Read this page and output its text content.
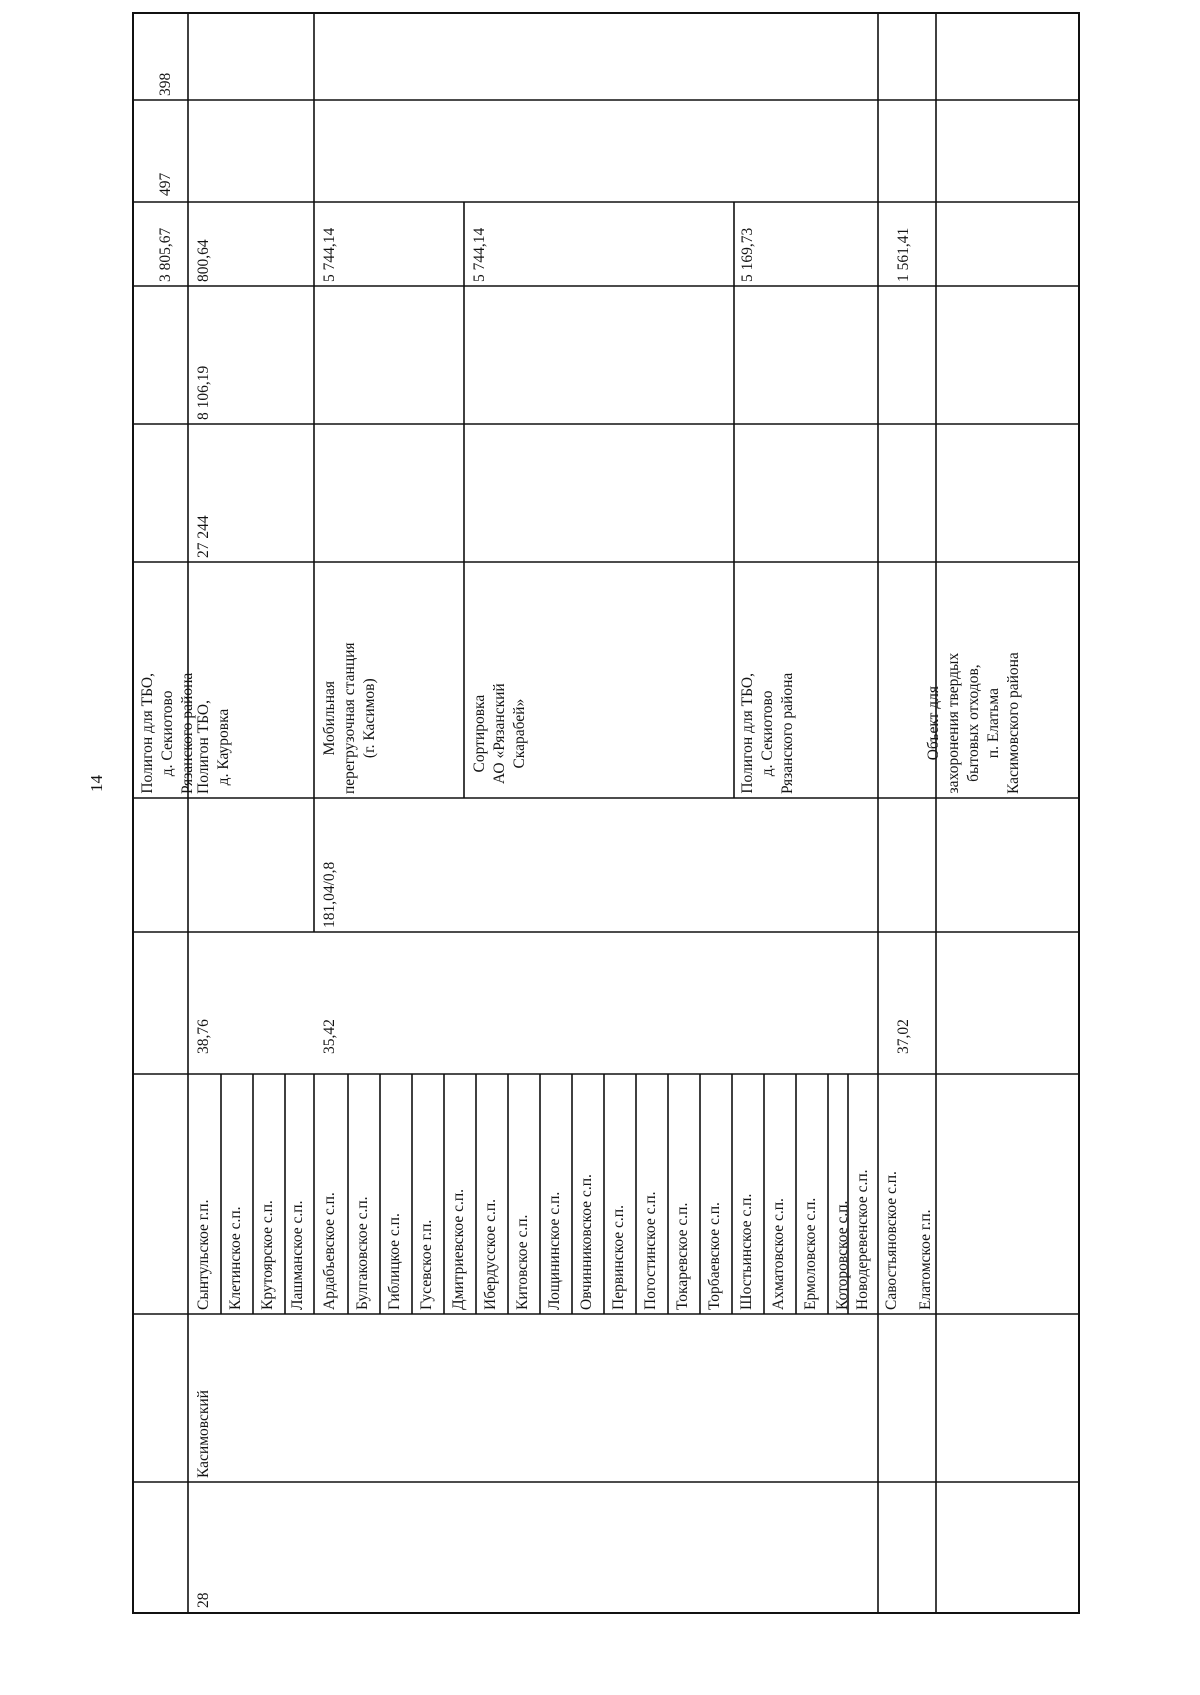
14 Полигон для ТБО, д. Секиотово Рязанского района
3 805,67
497
398
28
Касимовский
Сынтульское г.п. Клетинское с.п. Крутоярское с.п. Лашманское с.п. Ардабьевское с.п. Булгаковское с.п. Гиблицкое с.п. Гусевское г.п. Дмитриевское с.п. Ибердусское с.п. Китовское с.п. Лощининское с.п. Овчинниковское с.п. Первинское с.п. Погостинское с.п. Токаревское с.п. Торбаевское с.п. Шостьинское с.п. Ахматовское с.п. Ермоловское с.п. Которовское с.п. Новодеревенское с.п. Савостьяновское с.п. Елатомское г.п.
38,76
Полигон ТБО, д. Кауровка
27 244
8 106,19
800,64
35,42
181,04/0,8
Мобильная перегрузочная станция (г. Касимов)
5 744,14
Сортировка АО «Рязанский Скарабей»
5 744,14
Полигон для ТБО, д. Секиотово Рязанского района
5 169,73
37,02
Объект для захоронения твердых бытовых отходов, п. Елатьма Касимовского района
1 561,41
